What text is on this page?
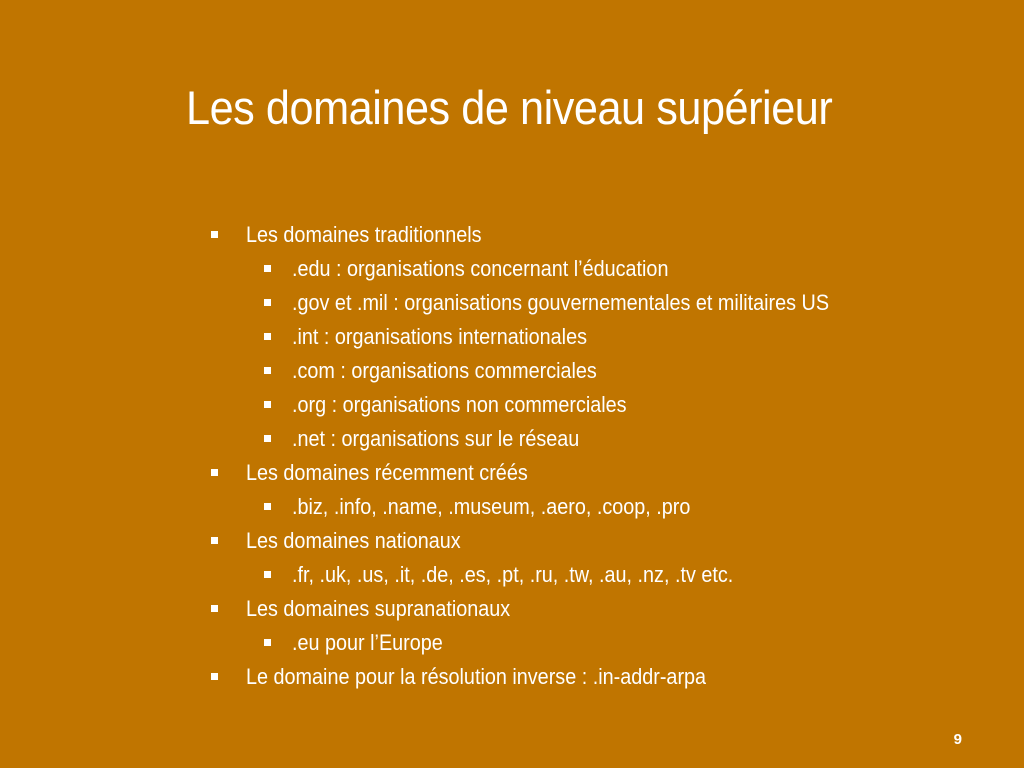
Les domaines de niveau supérieur
Les domaines traditionnels
.edu : organisations concernant l’éducation
.gov et .mil : organisations gouvernementales et militaires US
.int : organisations internationales
.com : organisations commerciales
.org : organisations non commerciales
.net : organisations sur le réseau
Les domaines récemment créés
.biz, .info, .name, .museum, .aero, .coop, .pro
Les domaines nationaux
.fr, .uk, .us, .it, .de, .es, .pt, .ru, .tw, .au, .nz, .tv etc.
Les domaines supranationaux
.eu pour l’Europe
Le domaine pour la résolution inverse : .in-addr-arpa
9
